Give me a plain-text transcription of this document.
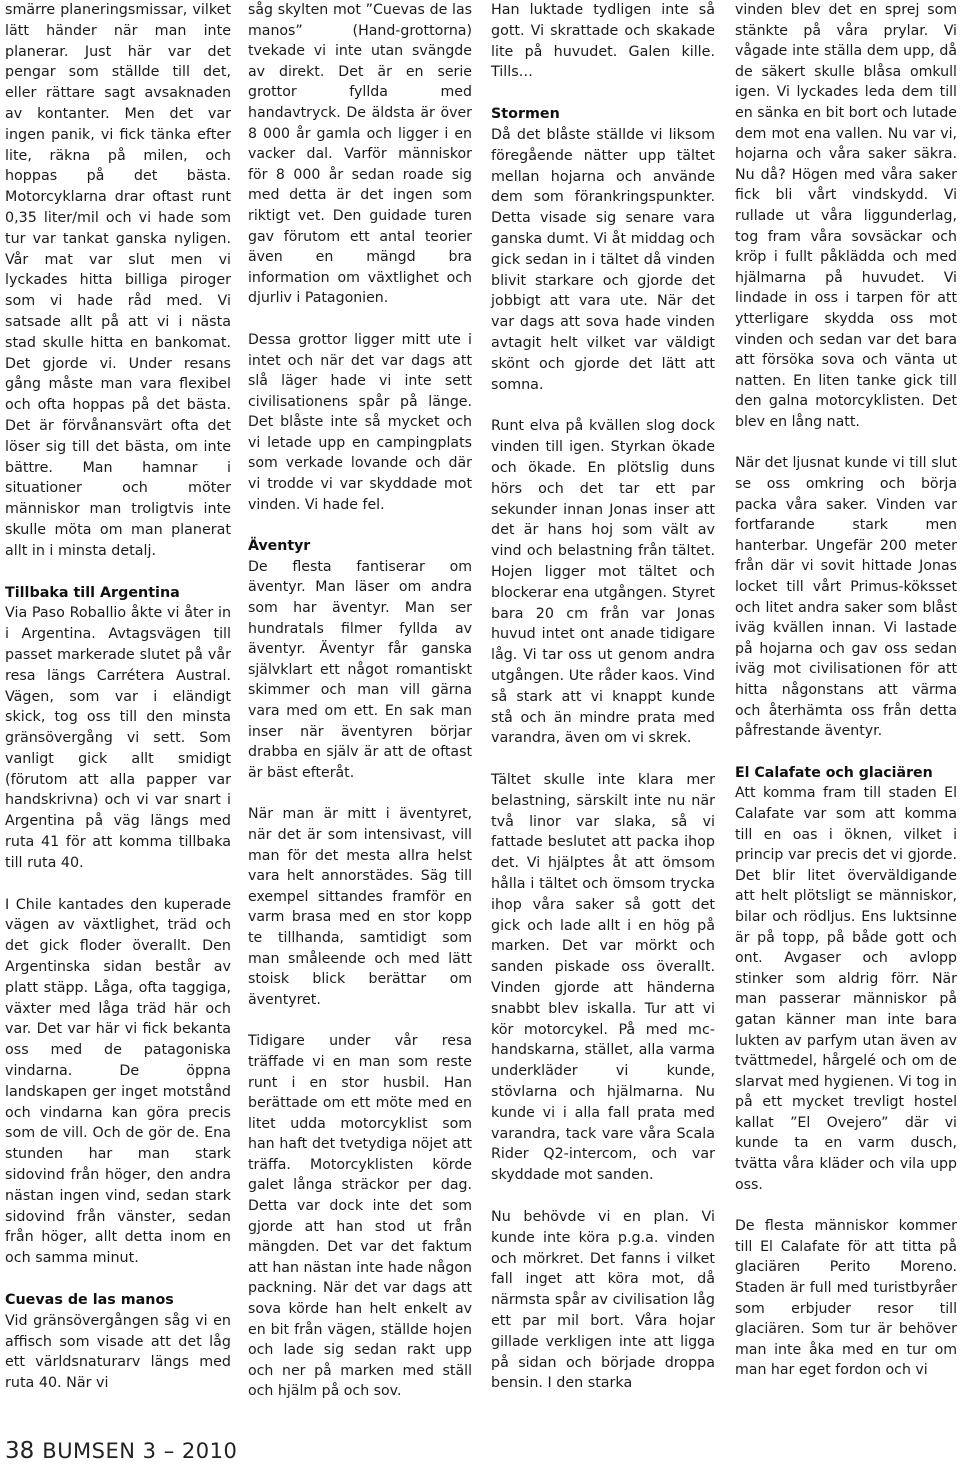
smärre planeringsmissar, vilket lätt händer när man inte planerar. Just här var det pengar som ställde till det, eller rättare sagt avsaknaden av kontanter. Men det var ingen panik, vi fick tänka efter lite, räkna på milen, och hoppas på det bästa. Motorcyklarna drar oftast runt 0,35 liter/mil och vi hade som tur var tankat ganska nyligen. Vår mat var slut men vi lyckades hitta billiga piroger som vi hade råd med. Vi satsade allt på att vi i nästa stad skulle hitta en bankomat. Det gjorde vi. Under resans gång måste man vara flexibel och ofta hoppas på det bästa. Det är förvånansvärt ofta det löser sig till det bästa, om inte bättre. Man hamnar i situationer och möter människor man troligtvis inte skulle möta om man planerat allt in i minsta detalj.

Tillbaka till Argentina

Via Paso Roballio åkte vi åter in i Argentina. Avtagsvägen till passet markerade slutet på vår resa längs Carrétera Austral. Vägen, som var i eländigt skick, tog oss till den minsta gränsövergång vi sett. Som vanligt gick allt smidigt (förutom att alla papper var handskrivna) och vi var snart i Argentina på väg längs med ruta 41 för att komma tillbaka till ruta 40.

I Chile kantades den kuperade vägen av växtlighet, träd och det gick floder överallt. Den Argentinska sidan består av platt stäpp. Låga, ofta taggiga, växter med låga träd här och var. Det var här vi fick bekanta oss med de patagoniska vindarna. De öppna landskapen ger inget motstånd och vindarna kan göra precis som de vill. Och de gör de. Ena stunden har man stark sidovind från höger, den andra nästan ingen vind, sedan stark sidovind från vänster, sedan från höger, allt detta inom en och samma minut.

Cuevas de las manos

Vid gränsövergången såg vi en affisch som visade att det låg ett världsnaturarv längs med ruta 40. När vi

såg skylten mot ”Cuevas de las manos” (Hand-grottorna) tvekade vi inte utan svängde av direkt. Det är en serie grottor fyllda med handavtryck. De äldsta är över 8 000 år gamla och ligger i en vacker dal. Varför människor för 8 000 år sedan roade sig med detta är det ingen som riktigt vet. Den guidade turen gav förutom ett antal teorier även en mängd bra information om växtlighet och djurliv i Patagonien.

Dessa grottor ligger mitt ute i intet och när det var dags att slå läger hade vi inte sett civilisationens spår på länge. Det blåste inte så mycket och vi letade upp en campingplats som verkade lovande och där vi trodde vi var skyddade mot vinden. Vi hade fel.

Äventyr

De flesta fantiserar om äventyr. Man läser om andra som har äventyr. Man ser hundratals filmer fyllda av äventyr. Äventyr får ganska självklart ett något romantiskt skimmer och man vill gärna vara med om ett. En sak man inser när äventyren börjar drabba en själv är att de oftast är bäst efteråt.

När man är mitt i äventyret, när det är som intensivast, vill man för det mesta allra helst vara helt annorstädes. Säg till exempel sittandes framför en varm brasa med en stor kopp te tillhanda, samtidigt som man småleende och med lätt stoisk blick berättar om äventyret.

Tidigare under vår resa träffade vi en man som reste runt i en stor husbil. Han berättade om ett möte med en litet udda motorcyklist som han haft det tvetydiga nöjet att träffa. Motorcyklisten körde galet långa sträckor per dag. Detta var dock inte det som gjorde att han stod ut från mängden. Det var det faktum att han nästan inte hade någon packning. När det var dags att sova körde han helt enkelt av en bit från vägen, ställde hojen och lade sig sedan rakt upp och ner på marken med ställ och hjälm på och sov.

Han luktade tydligen inte så gott. Vi skrattade och skakade lite på huvudet. Galen kille. Tills…

Stormen

Då det blåste ställde vi liksom föregående nätter upp tältet mellan hojarna och använde dem som förankringspunkter. Detta visade sig senare vara ganska dumt. Vi åt middag och gick sedan in i tältet då vinden blivit starkare och gjorde det jobbigt att vara ute. När det var dags att sova hade vinden avtagit helt vilket var väldigt skönt och gjorde det lätt att somna.

Runt elva på kvällen slog dock vinden till igen. Styrkan ökade och ökade. En plötslig duns hörs och det tar ett par sekunder innan Jonas inser att det är hans hoj som vält av vind och belastning från tältet. Hojen ligger mot tältet och blockerar ena utgången. Styret bara 20 cm från var Jonas huvud intet ont anade tidigare låg. Vi tar oss ut genom andra utgången. Ute råder kaos. Vind så stark att vi knappt kunde stå och än mindre prata med varandra, även om vi skrek.

Tältet skulle inte klara mer belastning, särskilt inte nu när två linor var slaka, så vi fattade beslutet att packa ihop det. Vi hjälptes åt att ömsom hålla i tältet och ömsom trycka ihop våra saker så gott det gick och lade allt i en hög på marken. Det var mörkt och sanden piskade oss överallt. Vinden gjorde att händerna snabbt blev iskalla. Tur att vi kör motorcykel. På med mc-handskarna, stället, alla varma underkläder vi kunde, stövlarna och hjälmarna. Nu kunde vi i alla fall prata med varandra, tack vare våra Scala Rider Q2-intercom, och var skyddade mot sanden.

Nu behövde vi en plan. Vi kunde inte köra p.g.a. vinden och mörkret. Det fanns i vilket fall inget att köra mot, då närmsta spår av civilisation låg ett par mil bort. Våra hojar gillade verkligen inte att ligga på sidan och började droppa bensin. I den starka

vinden blev det en sprej som stänkte på våra prylar. Vi vågade inte ställa dem upp, då de säkert skulle blåsa omkull igen. Vi lyckades leda dem till en sänka en bit bort och lutade dem mot ena vallen. Nu var vi, hojarna och våra saker säkra. Nu då? Högen med våra saker fick bli vårt vindskydd. Vi rullade ut våra liggunderlag, tog fram våra sovsäckar och kröp i fullt påklädda och med hjälmarna på huvudet. Vi lindade in oss i tarpen för att ytterligare skydda oss mot vinden och sedan var det bara att försöka sova och vänta ut natten. En liten tanke gick till den galna motorcyklisten. Det blev en lång natt.

När det ljusnat kunde vi till slut se oss omkring och börja packa våra saker. Vinden var fortfarande stark men hanterbar. Ungefär 200 meter från där vi sovit hittade Jonas locket till vårt Primus-köksset och litet andra saker som blåst iväg kvällen innan. Vi lastade på hojarna och gav oss sedan iväg mot civilisationen för att hitta någonstans att värma och återhämta oss från detta påfrestande äventyr.

El Calafate och glaciären

Att komma fram till staden El Calafate var som att komma till en oas i öknen, vilket i princip var precis det vi gjorde. Det blir litet överväldigande att helt plötsligt se människor, bilar och rödljus. Ens luktsinne är på topp, på både gott och ont. Avgaser och avlopp stinker som aldrig förr. När man passerar människor på gatan känner man inte bara lukten av parfym utan även av tvättmedel, hårgelé och om de slarvat med hygienen. Vi tog in på ett mycket trevligt hostel kallat ”El Ovejero” där vi kunde ta en varm dusch, tvätta våra kläder och vila upp oss.

De flesta människor kommer till El Calafate för att titta på glaciären Perito Moreno. Staden är full med turistbyråer som erbjuder resor till glaciären. Som tur är behöver man inte åka med en tur om man har eget fordon och vi

38 BUMSEN 3 – 2010
